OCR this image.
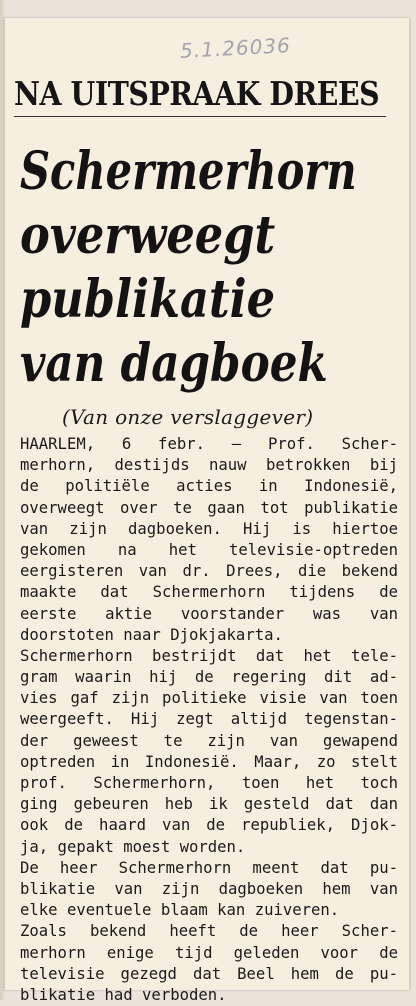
5.1.26036
NA UITSPRAAK DREES
Schermerhorn
overweegt
publikatie
van dagboek
(Van onze verslaggever)
HAARLEM, 6 febr. — Prof. Scher-
merhorn, destijds nauw betrokken bij
de politiële acties in Indonesië,
overweegt over te gaan tot publikatie
van zijn dagboeken. Hij is hiertoe
gekomen na het televisie-optreden
eergisteren van dr. Drees, die bekend
maakte dat Schermerhorn tijdens de
eerste aktie voorstander was van
doorstoten naar Djokjakarta.
Schermerhorn bestrijdt dat het tele-
gram waarin hij de regering dit ad-
vies gaf zijn politieke visie van toen
weergeeft. Hij zegt altijd tegenstan-
der geweest te zijn van gewapend
optreden in Indonesië. Maar, zo stelt
prof. Schermerhorn, toen het toch
ging gebeuren heb ik gesteld dat dan
ook de haard van de republiek, Djok-
ja, gepakt moest worden.
De heer Schermerhorn meent dat pu-
blikatie van zijn dagboeken hem van
elke eventuele blaam kan zuiveren.
Zoals bekend heeft de heer Scher-
merhorn enige tijd geleden voor de
televisie gezegd dat Beel hem de pu-
blikatie had verboden.
